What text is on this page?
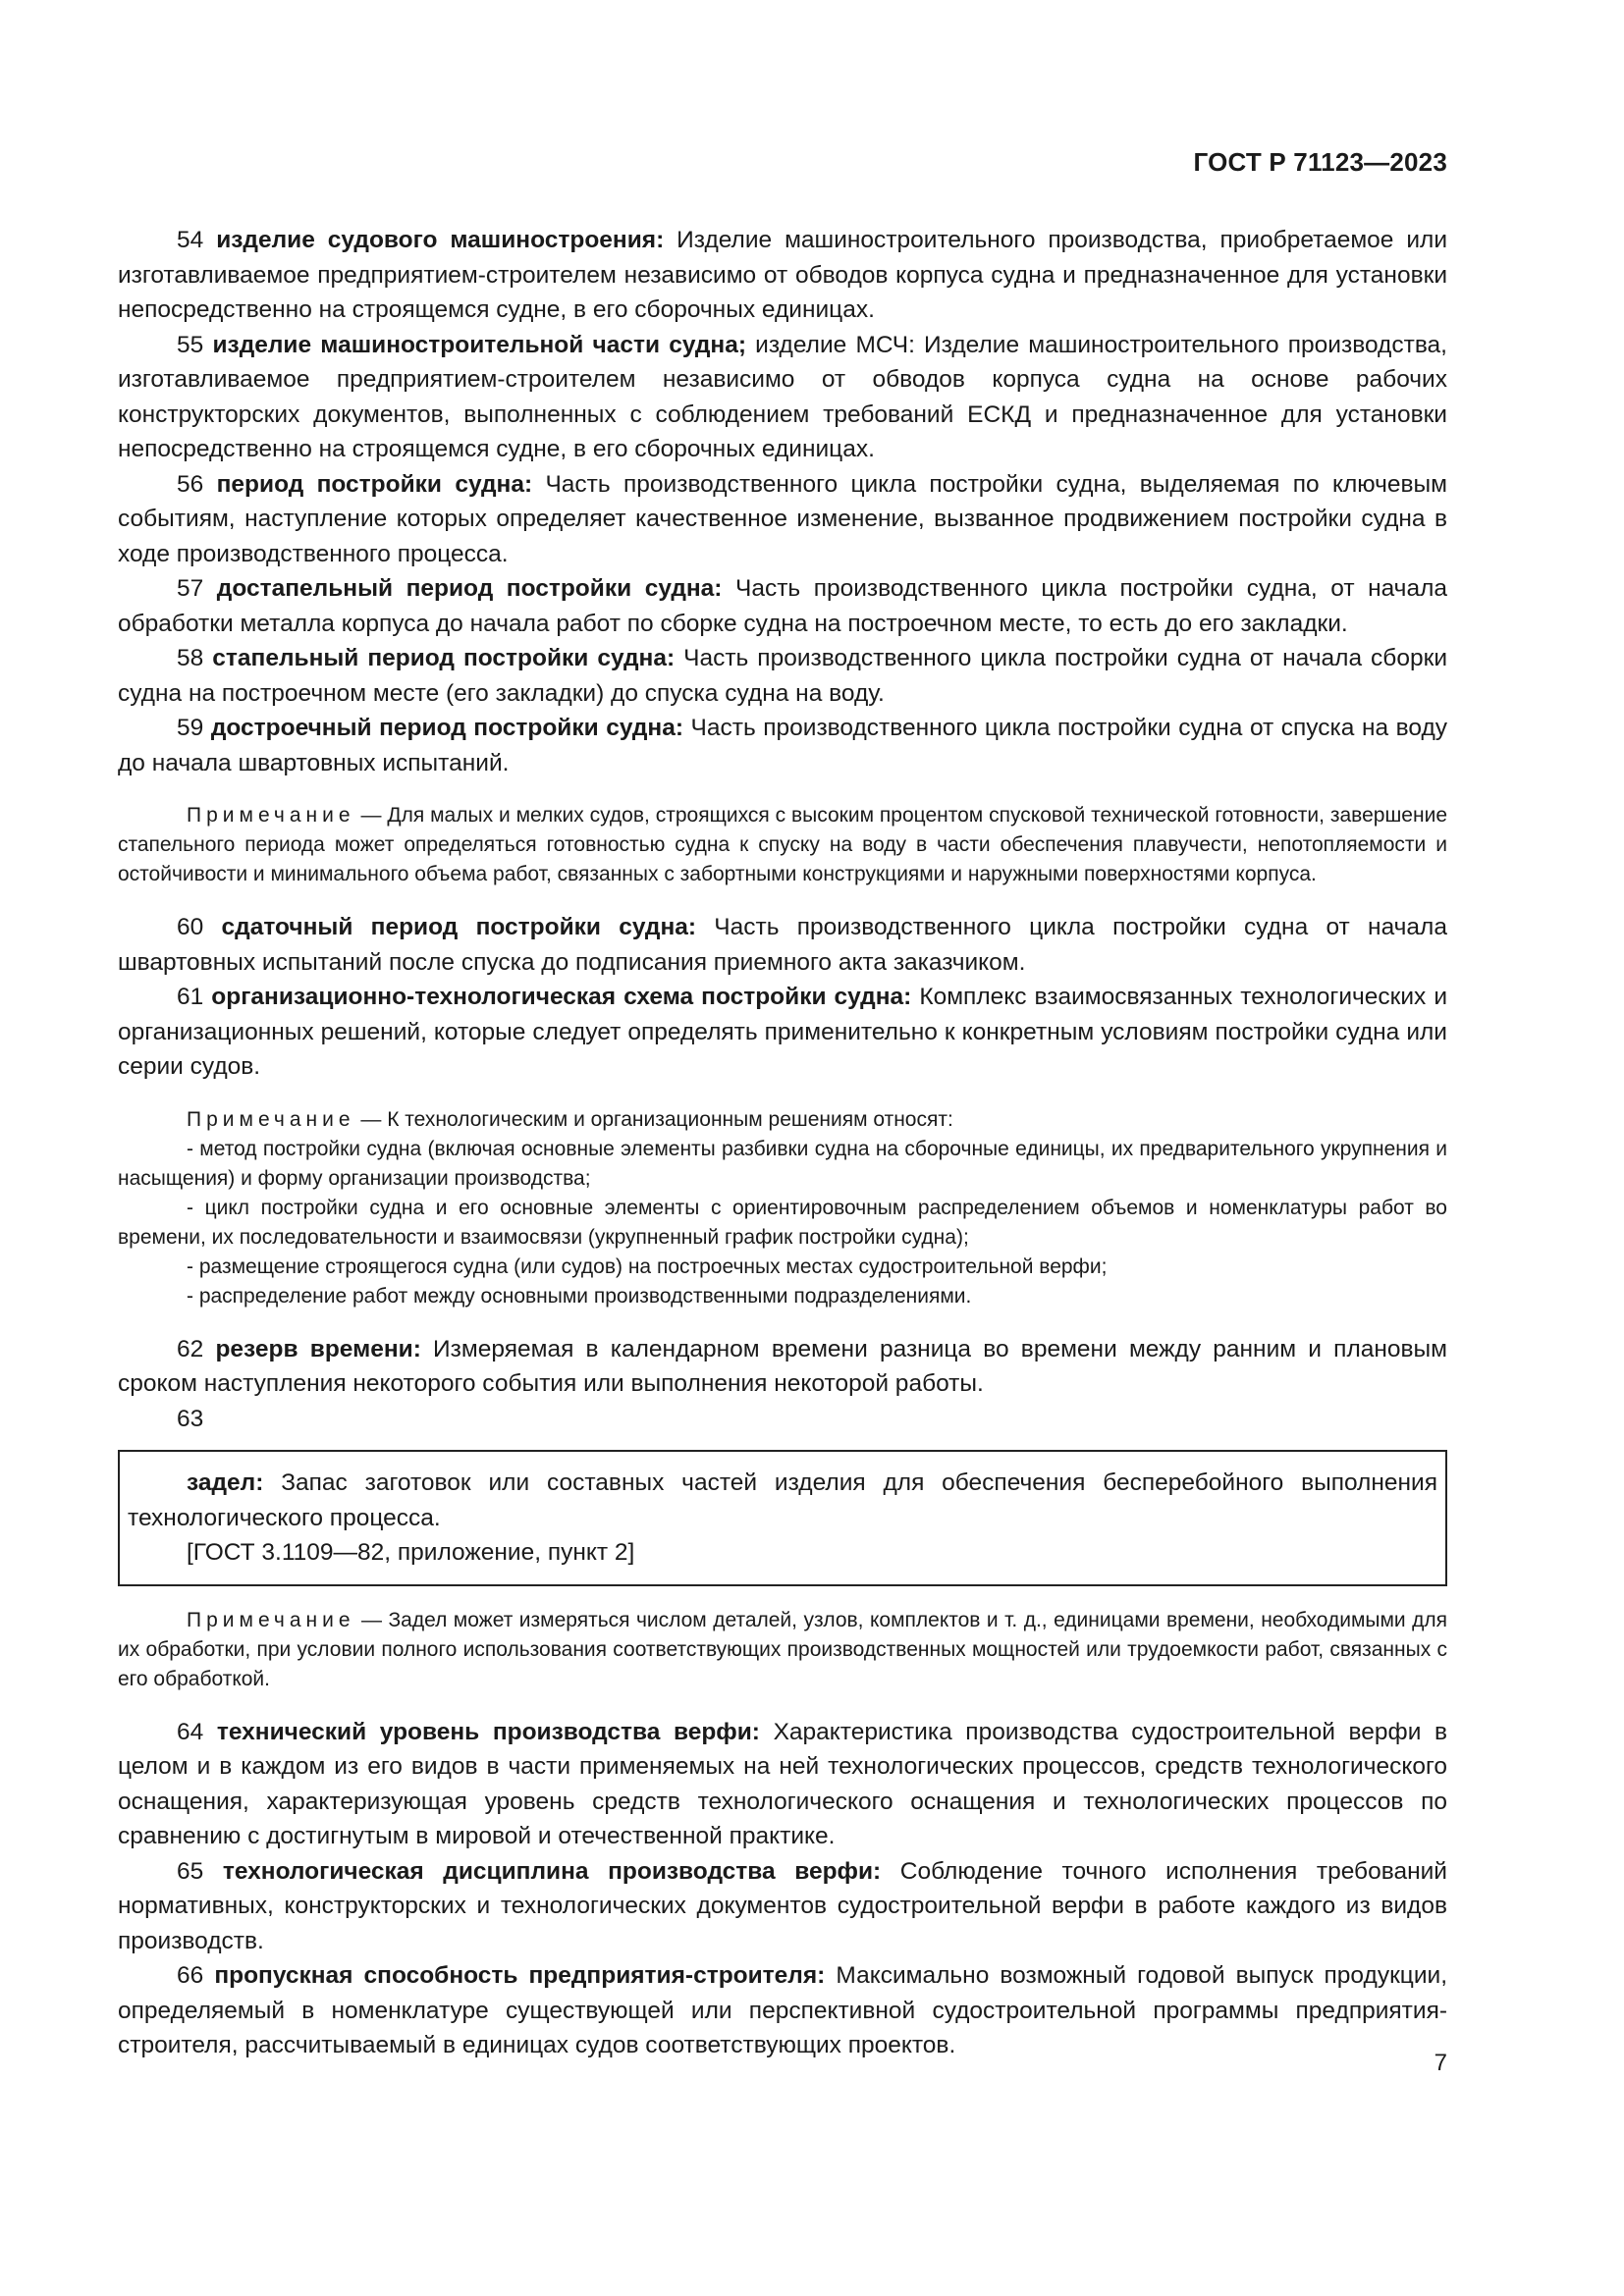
ГОСТ Р 71123—2023

54 изделие судового машиностроения: Изделие машиностроительного производства, приобретаемое или изготавливаемое предприятием-строителем независимо от обводов корпуса судна и предназначенное для установки непосредственно на строящемся судне, в его сборочных единицах.

55 изделие машиностроительной части судна; изделие МСЧ: Изделие машиностроительного производства, изготавливаемое предприятием-строителем независимо от обводов корпуса судна на основе рабочих конструкторских документов, выполненных с соблюдением требований ЕСКД и предназначенное для установки непосредственно на строящемся судне, в его сборочных единицах.

56 период постройки судна: Часть производственного цикла постройки судна, выделяемая по ключевым событиям, наступление которых определяет качественное изменение, вызванное продвижением постройки судна в ходе производственного процесса.

57 достапельный период постройки судна: Часть производственного цикла постройки судна, от начала обработки металла корпуса до начала работ по сборке судна на построечном месте, то есть до его закладки.

58 стапельный период постройки судна: Часть производственного цикла постройки судна от начала сборки судна на построечном месте (его закладки) до спуска судна на воду.

59 достроечный период постройки судна: Часть производственного цикла постройки судна от спуска на воду до начала швартовных испытаний.

Примечание — Для малых и мелких судов, строящихся с высоким процентом спусковой технической готовности, завершение стапельного периода может определяться готовностью судна к спуску на воду в части обеспечения плавучести, непотопляемости и остойчивости и минимального объема работ, связанных с забортными конструкциями и наружными поверхностями корпуса.

60 сдаточный период постройки судна: Часть производственного цикла постройки судна от начала швартовных испытаний после спуска до подписания приемного акта заказчиком.

61 организационно-технологическая схема постройки судна: Комплекс взаимосвязанных технологических и организационных решений, которые следует определять применительно к конкретным условиям постройки судна или серии судов.

Примечание — К технологическим и организационным решениям относят:

- метод постройки судна (включая основные элементы разбивки судна на сборочные единицы, их предварительного укрупнения и насыщения) и форму организации производства;

- цикл постройки судна и его основные элементы с ориентировочным распределением объемов и номенклатуры работ во времени, их последовательности и взаимосвязи (укрупненный график постройки судна);

- размещение строящегося судна (или судов) на построечных местах судостроительной верфи;

- распределение работ между основными производственными подразделениями.

62 резерв времени: Измеряемая в календарном времени разница во времени между ранним и плановым сроком наступления некоторого события или выполнения некоторой работы.

63

задел: Запас заготовок или составных частей изделия для обеспечения бесперебойного выполнения технологического процесса.

[ГОСТ 3.1109—82, приложение, пункт 2]

Примечание — Задел может измеряться числом деталей, узлов, комплектов и т. д., единицами времени, необходимыми для их обработки, при условии полного использования соответствующих производственных мощностей или трудоемкости работ, связанных с его обработкой.

64 технический уровень производства верфи: Характеристика производства судостроительной верфи в целом и в каждом из его видов в части применяемых на ней технологических процессов, средств технологического оснащения, характеризующая уровень средств технологического оснащения и технологических процессов по сравнению с достигнутым в мировой и отечественной практике.

65 технологическая дисциплина производства верфи: Соблюдение точного исполнения требований нормативных, конструкторских и технологических документов судостроительной верфи в работе каждого из видов производств.

66 пропускная способность предприятия-строителя: Максимально возможный годовой выпуск продукции, определяемый в номенклатуре существующей или перспективной судостроительной программы предприятия-строителя, рассчитываемый в единицах судов соответствующих проектов.

7
